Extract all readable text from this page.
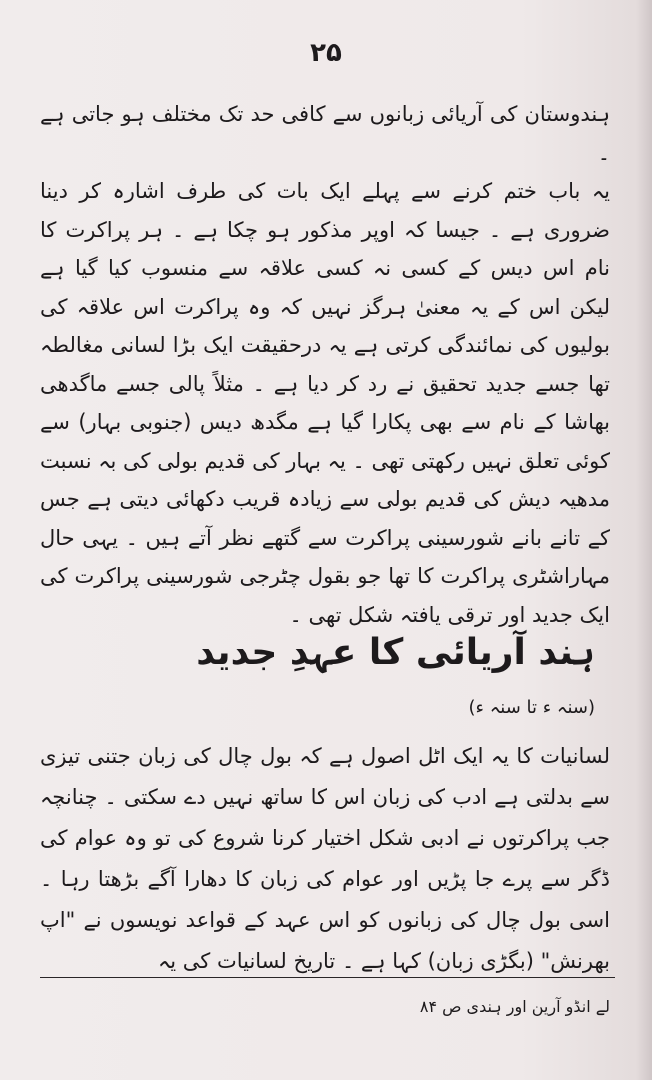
۲۵

ہندوستان کی آریائی زبانوں سے کافی حد تک مختلف ہو جاتی ہے ۔

یہ باب ختم کرنے سے پہلے ایک بات کی طرف اشارہ کر دینا ضروری ہے ۔ جیسا کہ اوپر مذکور ہو چکا ہے ۔ ہر پراکرت کا نام اس دیس کے کسی نہ کسی علاقہ سے منسوب کیا گیا ہے لیکن اس کے یہ معنیٰ ہرگز نہیں کہ وہ پراکرت اس علاقہ کی بولیوں کی نمائندگی کرتی ہے یہ درحقیقت ایک بڑا لسانی مغالطہ تھا جسے جدید تحقیق نے رد کر دیا ہے ۔ مثلاً پالی جسے ماگدھی بھاشا کے نام سے بھی پکارا گیا ہے مگدھ دیس (جنوبی بہار) سے کوئی تعلق نہیں رکھتی تھی ۔ یہ بہار کی قدیم بولی کی بہ نسبت مدھیہ دیش کی قدیم بولی سے زیادہ قریب دکھائی دیتی ہے جس کے تانے بانے شورسینی پراکرت سے گتھے نظر آتے ہیں ۔ یہی حال مہاراشٹری پراکرت کا تھا جو بقول چٹرجی شورسینی پراکرت کی ایک جدید اور ترقی یافتہ شکل تھی ۔

ہند آریائی کا عہدِ جدید
(سنہ ء تا سنہ ء)

لسانیات کا یہ ایک اٹل اصول ہے کہ بول چال کی زبان جتنی تیزی سے بدلتی ہے ادب کی زبان اس کا ساتھ نہیں دے سکتی ۔ چنانچہ جب پراکرتوں نے ادبی شکل اختیار کرنا شروع کی تو وہ عوام کی ڈگر سے پرے جا پڑیں اور عوام کی زبان کا دھارا آگے بڑھتا رہا ۔ اسی بول چال کی زبانوں کو اس عہد کے قواعد نویسوں نے "اپ بھرنش" (بگڑی زبان) کہا ہے ۔ تاریخ لسانیات کی یہ

لے انڈو آرین اور ہندی ص ۸۴
